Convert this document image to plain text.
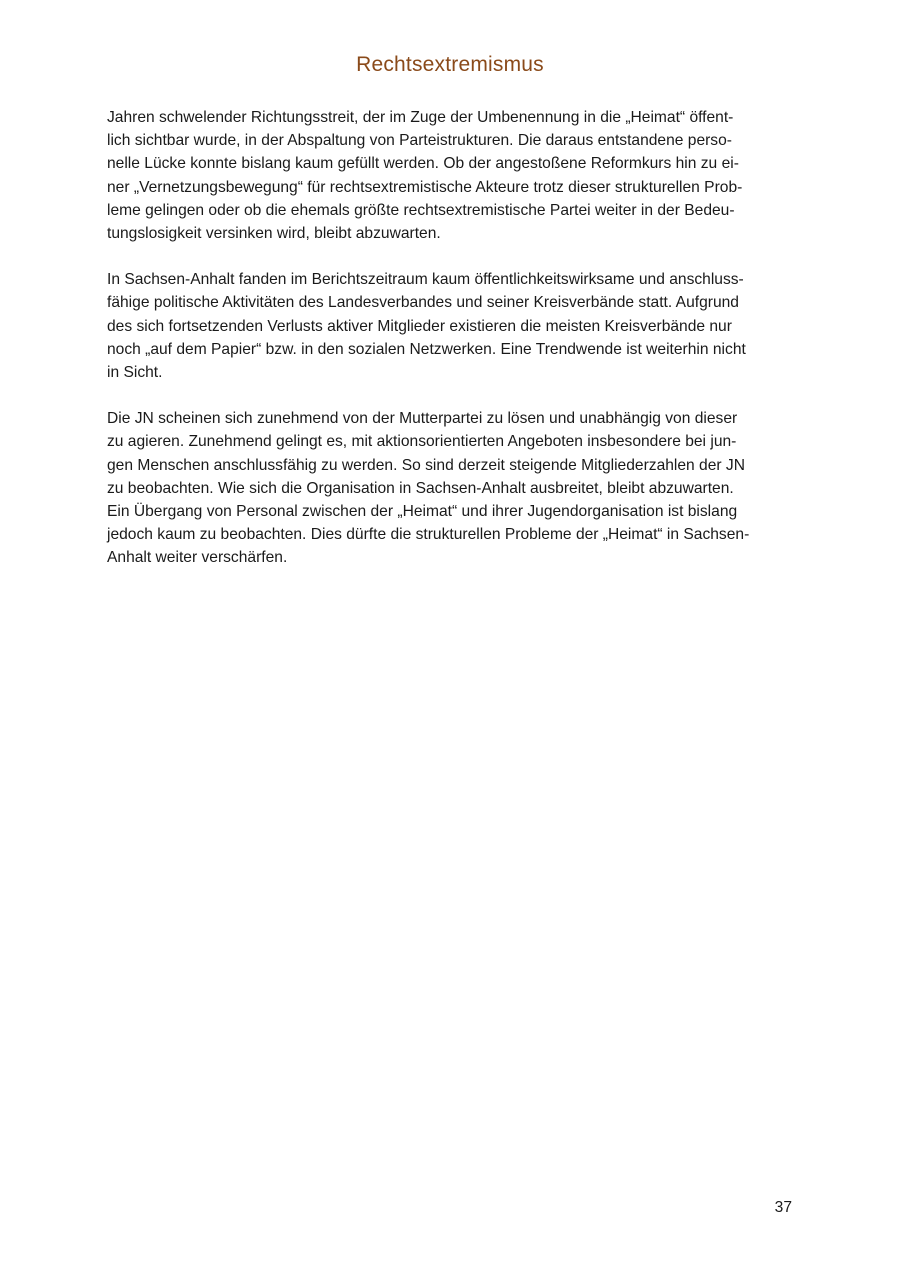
Rechtsextremismus
Jahren schwelender Richtungsstreit, der im Zuge der Umbenennung in die „Heimat“ öffent-
lich sichtbar wurde, in der Abspaltung von Parteistrukturen. Die daraus entstandene perso-
nelle Lücke konnte bislang kaum gefüllt werden. Ob der angestoßene Reformkurs hin zu ei-
ner „Vernetzungsbewegung“ für rechtsextremistische Akteure trotz dieser strukturellen Prob-
leme gelingen oder ob die ehemals größte rechtsextremistische Partei weiter in der Bedeu-
tungslosigkeit versinken wird, bleibt abzuwarten.
In Sachsen-Anhalt fanden im Berichtszeitraum kaum öffentlichkeitswirksame und anschluss-
fähige politische Aktivitäten des Landesverbandes und seiner Kreisverbände statt. Aufgrund
des sich fortsetzenden Verlusts aktiver Mitglieder existieren die meisten Kreisverbände nur
noch „auf dem Papier“ bzw. in den sozialen Netzwerken. Eine Trendwende ist weiterhin nicht
in Sicht.
Die JN scheinen sich zunehmend von der Mutterpartei zu lösen und unabhängig von dieser
zu agieren. Zunehmend gelingt es, mit aktionsorientierten Angeboten insbesondere bei jun-
gen Menschen anschlussfähig zu werden. So sind derzeit steigende Mitgliederzahlen der JN
zu beobachten. Wie sich die Organisation in Sachsen-Anhalt ausbreitet, bleibt abzuwarten.
Ein Übergang von Personal zwischen der „Heimat“ und ihrer Jugendorganisation ist bislang
jedoch kaum zu beobachten. Dies dürfte die strukturellen Probleme der „Heimat“ in Sachsen-
Anhalt weiter verschärfen.
37
